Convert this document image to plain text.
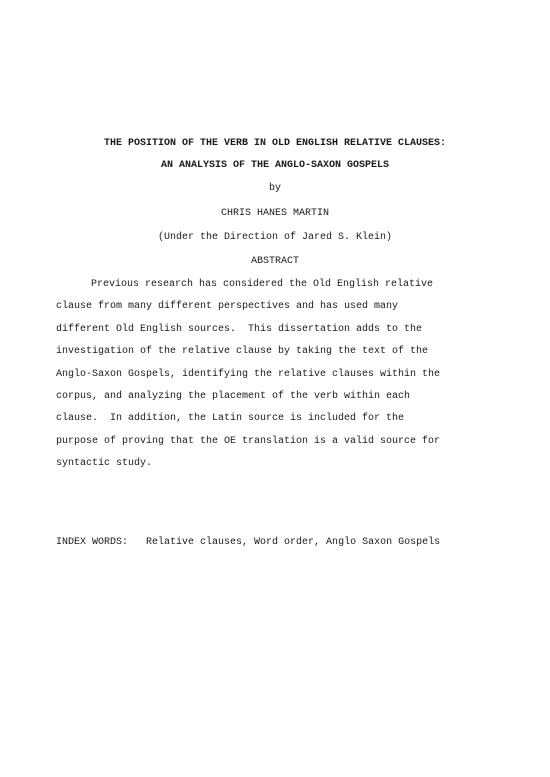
THE POSITION OF THE VERB IN OLD ENGLISH RELATIVE CLAUSES:
AN ANALYSIS OF THE ANGLO-SAXON GOSPELS
by
CHRIS HANES MARTIN
(Under the Direction of Jared S. Klein)
ABSTRACT
Previous research has considered the Old English relative
clause from many different perspectives and has used many
different Old English sources.  This dissertation adds to the
investigation of the relative clause by taking the text of the
Anglo-Saxon Gospels, identifying the relative clauses within the
corpus, and analyzing the placement of the verb within each
clause.  In addition, the Latin source is included for the
purpose of proving that the OE translation is a valid source for
syntactic study.
INDEX WORDS: Relative clauses, Word order, Anglo Saxon Gospels
